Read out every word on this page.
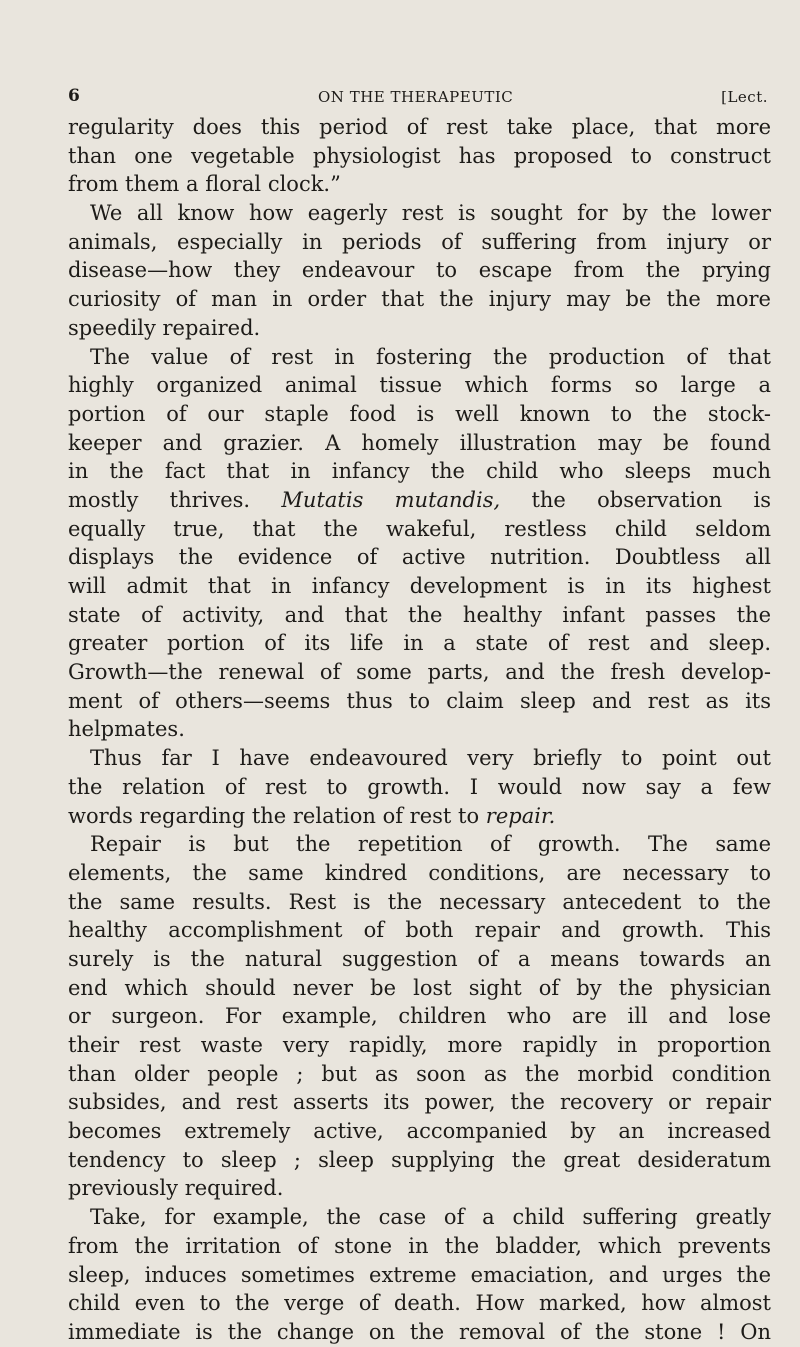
6	ON THE THERAPEUTIC	[Lect.
regularity does this period of rest take place, that more
than one vegetable physiologist has proposed to construct
from them a floral clock.”
We all know how eagerly rest is sought for by the lower
animals, especially in periods of suffering from injury or
disease—how they endeavour to escape from the prying
curiosity of man in order that the injury may be the more
speedily repaired.
The value of rest in fostering the production of that
highly organized animal tissue which forms so large a
portion of our staple food is well known to the stock-
keeper and grazier. A homely illustration may be found
in the fact that in infancy the child who sleeps much
mostly thrives. Mutatis mutandis, the observation is
equally true, that the wakeful, restless child seldom
displays the evidence of active nutrition. Doubtless all
will admit that in infancy development is in its highest
state of activity, and that the healthy infant passes the
greater portion of its life in a state of rest and sleep.
Growth—the renewal of some parts, and the fresh develop-
ment of others—seems thus to claim sleep and rest as its
helpmates.
Thus far I have endeavoured very briefly to point out
the relation of rest to growth. I would now say a few
words regarding the relation of rest to repair.
Repair is but the repetition of growth. The same
elements, the same kindred conditions, are necessary to
the same results. Rest is the necessary antecedent to the
healthy accomplishment of both repair and growth. This
surely is the natural suggestion of a means towards an
end which should never be lost sight of by the physician
or surgeon. For example, children who are ill and lose
their rest waste very rapidly, more rapidly in proportion
than older people ; but as soon as the morbid condition
subsides, and rest asserts its power, the recovery or repair
becomes extremely active, accompanied by an increased
tendency to sleep ; sleep supplying the great desideratum
previously required.
Take, for example, the case of a child suffering greatly
from the irritation of stone in the bladder, which prevents
sleep, induces sometimes extreme emaciation, and urges the
child even to the verge of death. How marked, how almost
immediate is the change on the removal of the stone ! On
